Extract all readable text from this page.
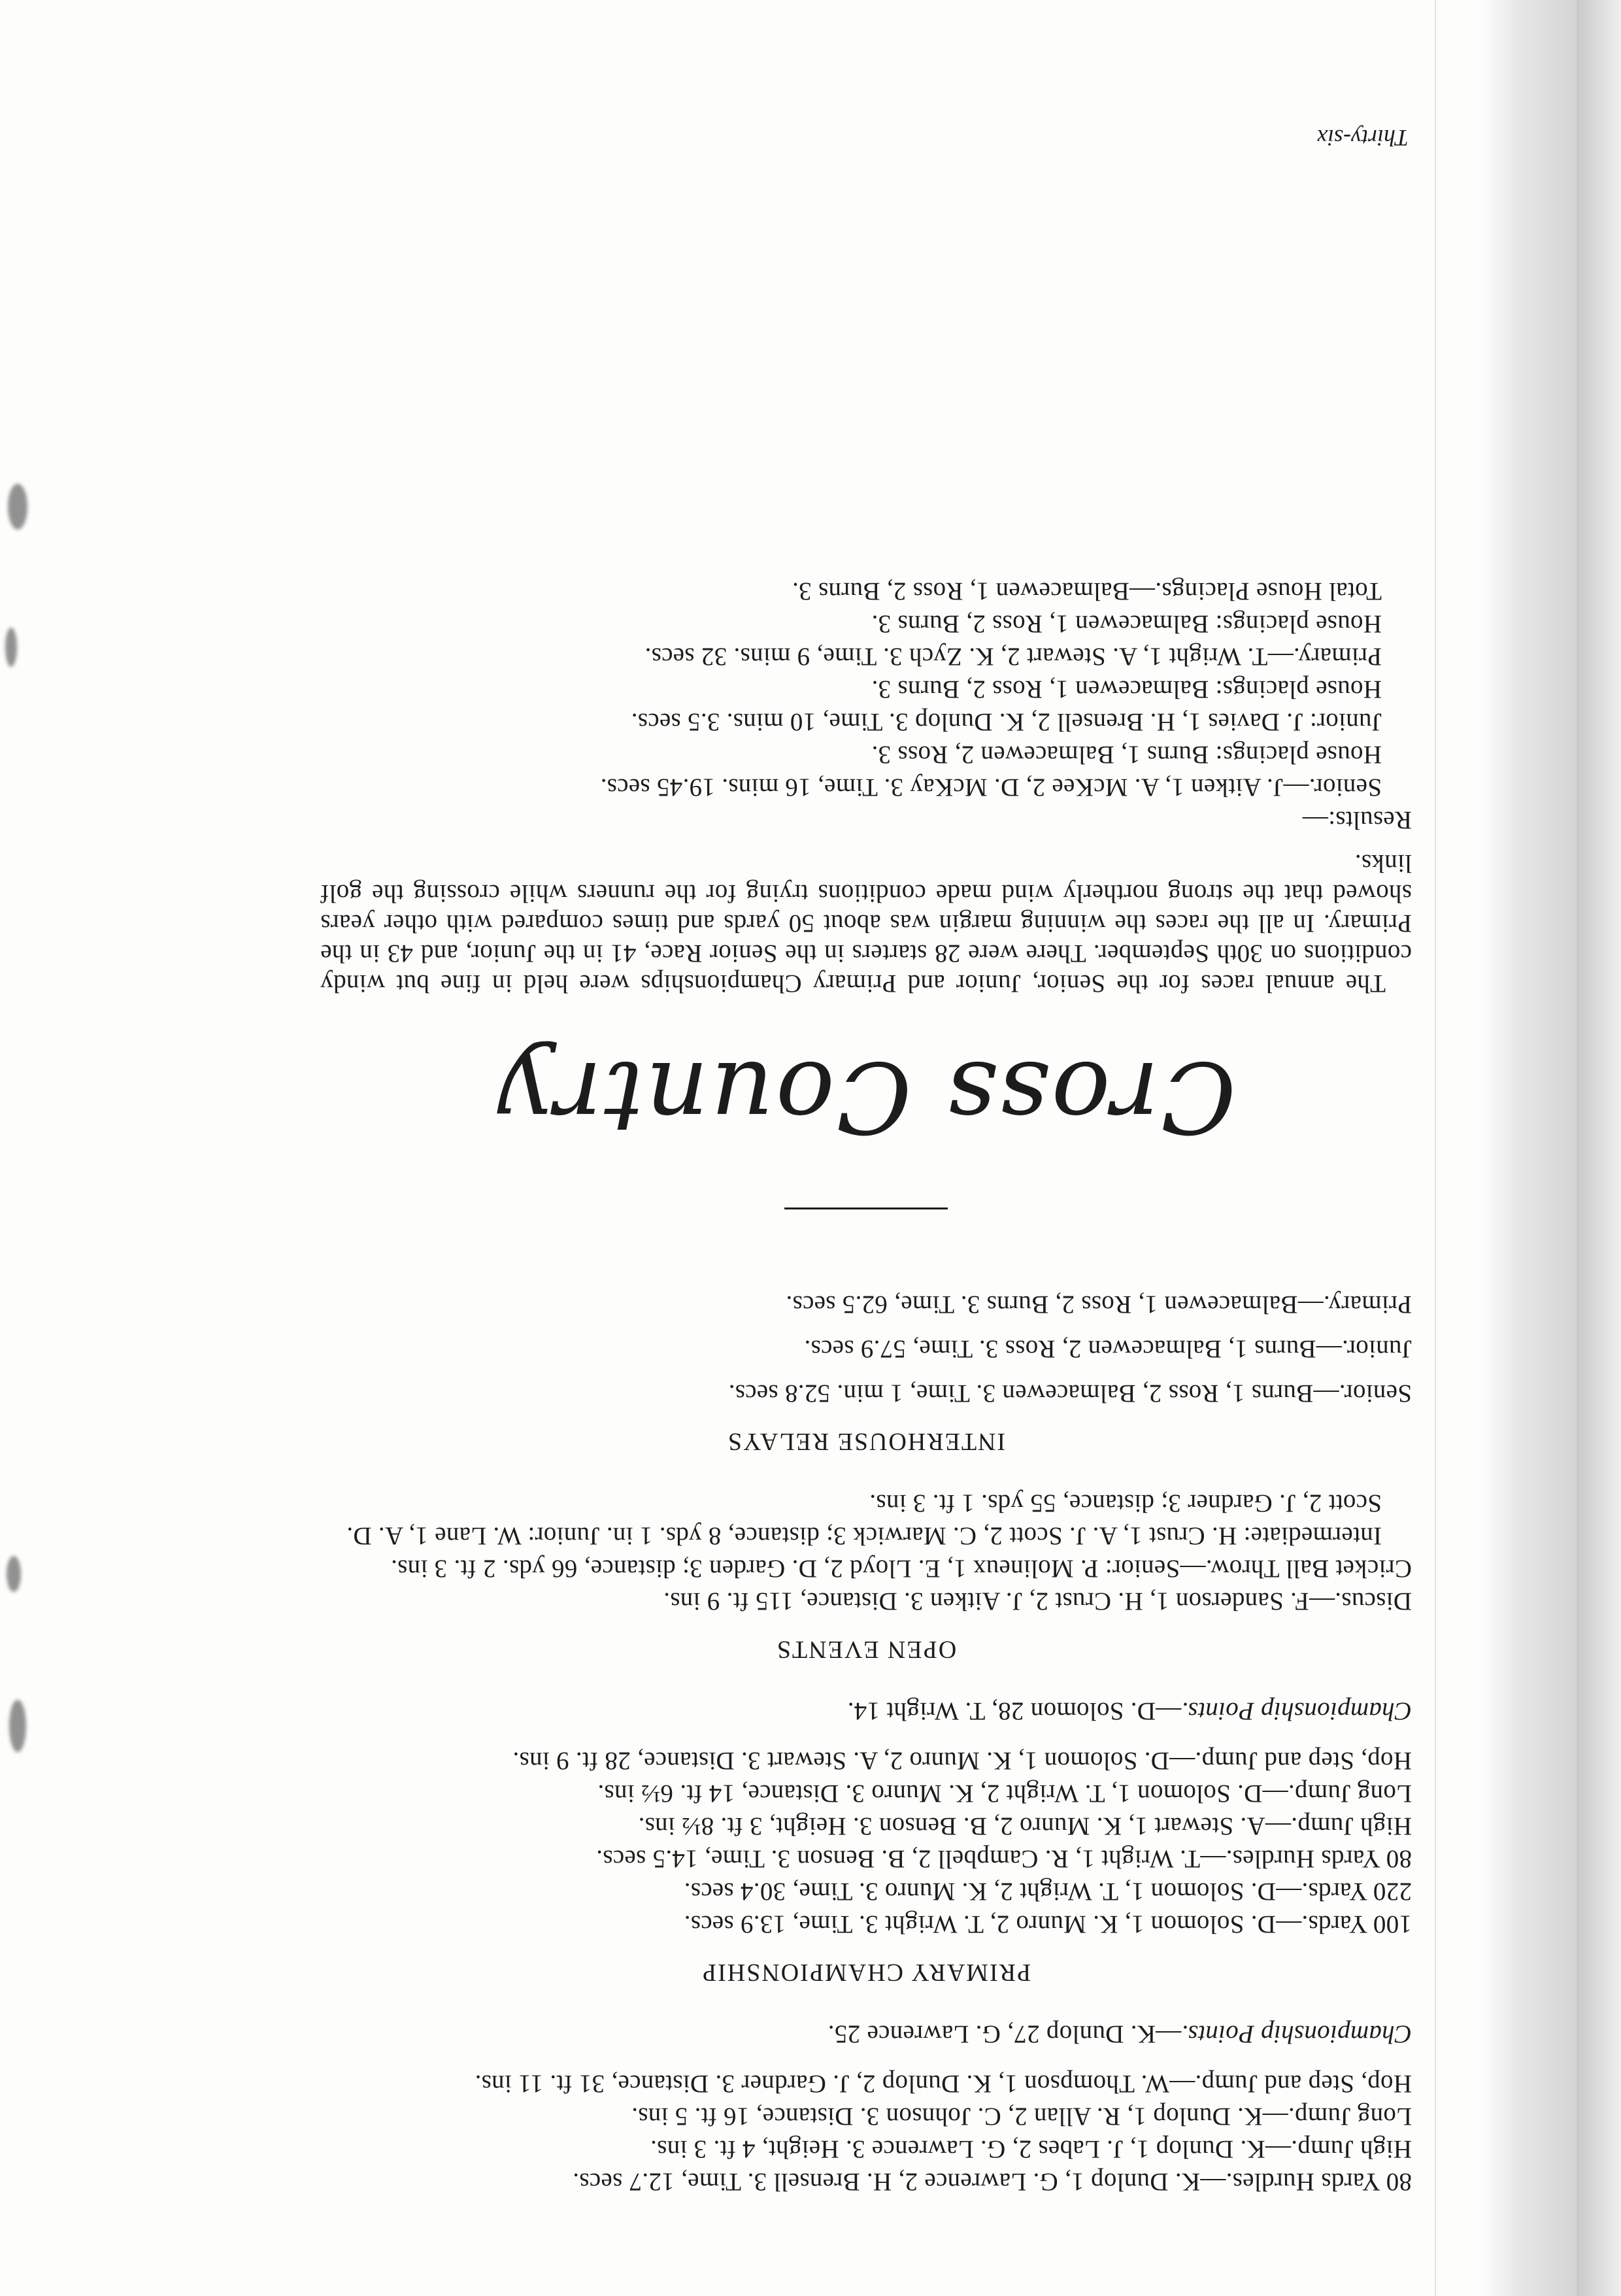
Thirty-six

80 Yards Hurdles.—K. Dunlop 1, G. Lawrence 2, H. Brensell 3. Time, 12.7 secs.

High Jump.—K. Dunlop 1, J. Labes 2, G. Lawrence 3. Height, 4 ft. 3 ins.

Long Jump.—K. Dunlop 1, R. Allan 2, C. Johnson 3. Distance, 16 ft. 5 ins.

Hop, Step and Jump.—W. Thompson 1, K. Dunlop 2, J. Gardner 3. Distance, 31 ft. 11 ins.

Championship Points.—K. Dunlop 27, G. Lawrence 25.

PRIMARY CHAMPIONSHIP

100 Yards.—D. Solomon 1, K. Munro 2, T. Wright 3. Time, 13.9 secs.

220 Yards.—D. Solomon 1, T. Wright 2, K. Munro 3. Time, 30.4 secs.

80 Yards Hurdles.—T. Wright 1, R. Campbell 2, B. Benson 3. Time, 14.5 secs.

High Jump.—A. Stewart 1, K. Munro 2, B. Benson 3. Height, 3 ft. 8½ ins.

Long Jump.—D. Solomon 1, T. Wright 2, K. Munro 3. Distance, 14 ft. 6½ ins.

Hop, Step and Jump.—D. Solomon 1, K. Munro 2, A. Stewart 3. Distance, 28 ft. 9 ins.

Championship Points.—D. Solomon 28, T. Wright 14.

OPEN EVENTS

Discus.—F. Sanderson 1, H. Crust 2, J. Aitken 3. Distance, 115 ft. 9 ins.

Cricket Ball Throw.—Senior: P. Molineux 1, E. Lloyd 2, D. Garden 3; distance, 66 yds. 2 ft. 3 ins. Intermediate: H. Crust 1, A. J. Scott 2, C. Marwick 3; distance, 8 yds. 1 in. Junior: W. Lane 1, A. D. Scott 2, J. Gardner 3; distance, 55 yds. 1 ft. 3 ins.

INTERHOUSE RELAYS

Senior.—Burns 1, Ross 2, Balmacewen 3. Time, 1 min. 52.8 secs.

Junior.—Burns 1, Balmacewen 2, Ross 3. Time, 57.9 secs.

Primary.—Balmacewen 1, Ross 2, Burns 3. Time, 62.5 secs.

Cross Country

The annual races for the Senior, Junior and Primary Championships were held in fine but windy conditions on 30th September. There were 28 starters in the Senior Race, 41 in the Junior, and 43 in the Primary. In all the races the winning margin was about 50 yards and times compared with other years showed that the strong northerly wind made conditions trying for the runners while crossing the golf links.

Results:—

Senior.—J. Aitken 1, A. McKee 2, D. McKay 3. Time, 16 mins. 19.45 secs.

House placings: Burns 1, Balmacewen 2, Ross 3.

Junior: J. Davies 1, H. Brensell 2, K. Dunlop 3. Time, 10 mins. 3.5 secs.

House placings: Balmacewen 1, Ross 2, Burns 3.

Primary.—T. Wright 1, A. Stewart 2, K. Zych 3. Time, 9 mins. 32 secs.

House placings: Balmacewen 1, Ross 2, Burns 3.

Total House Placings.—Balmacewen 1, Ross 2, Burns 3.
